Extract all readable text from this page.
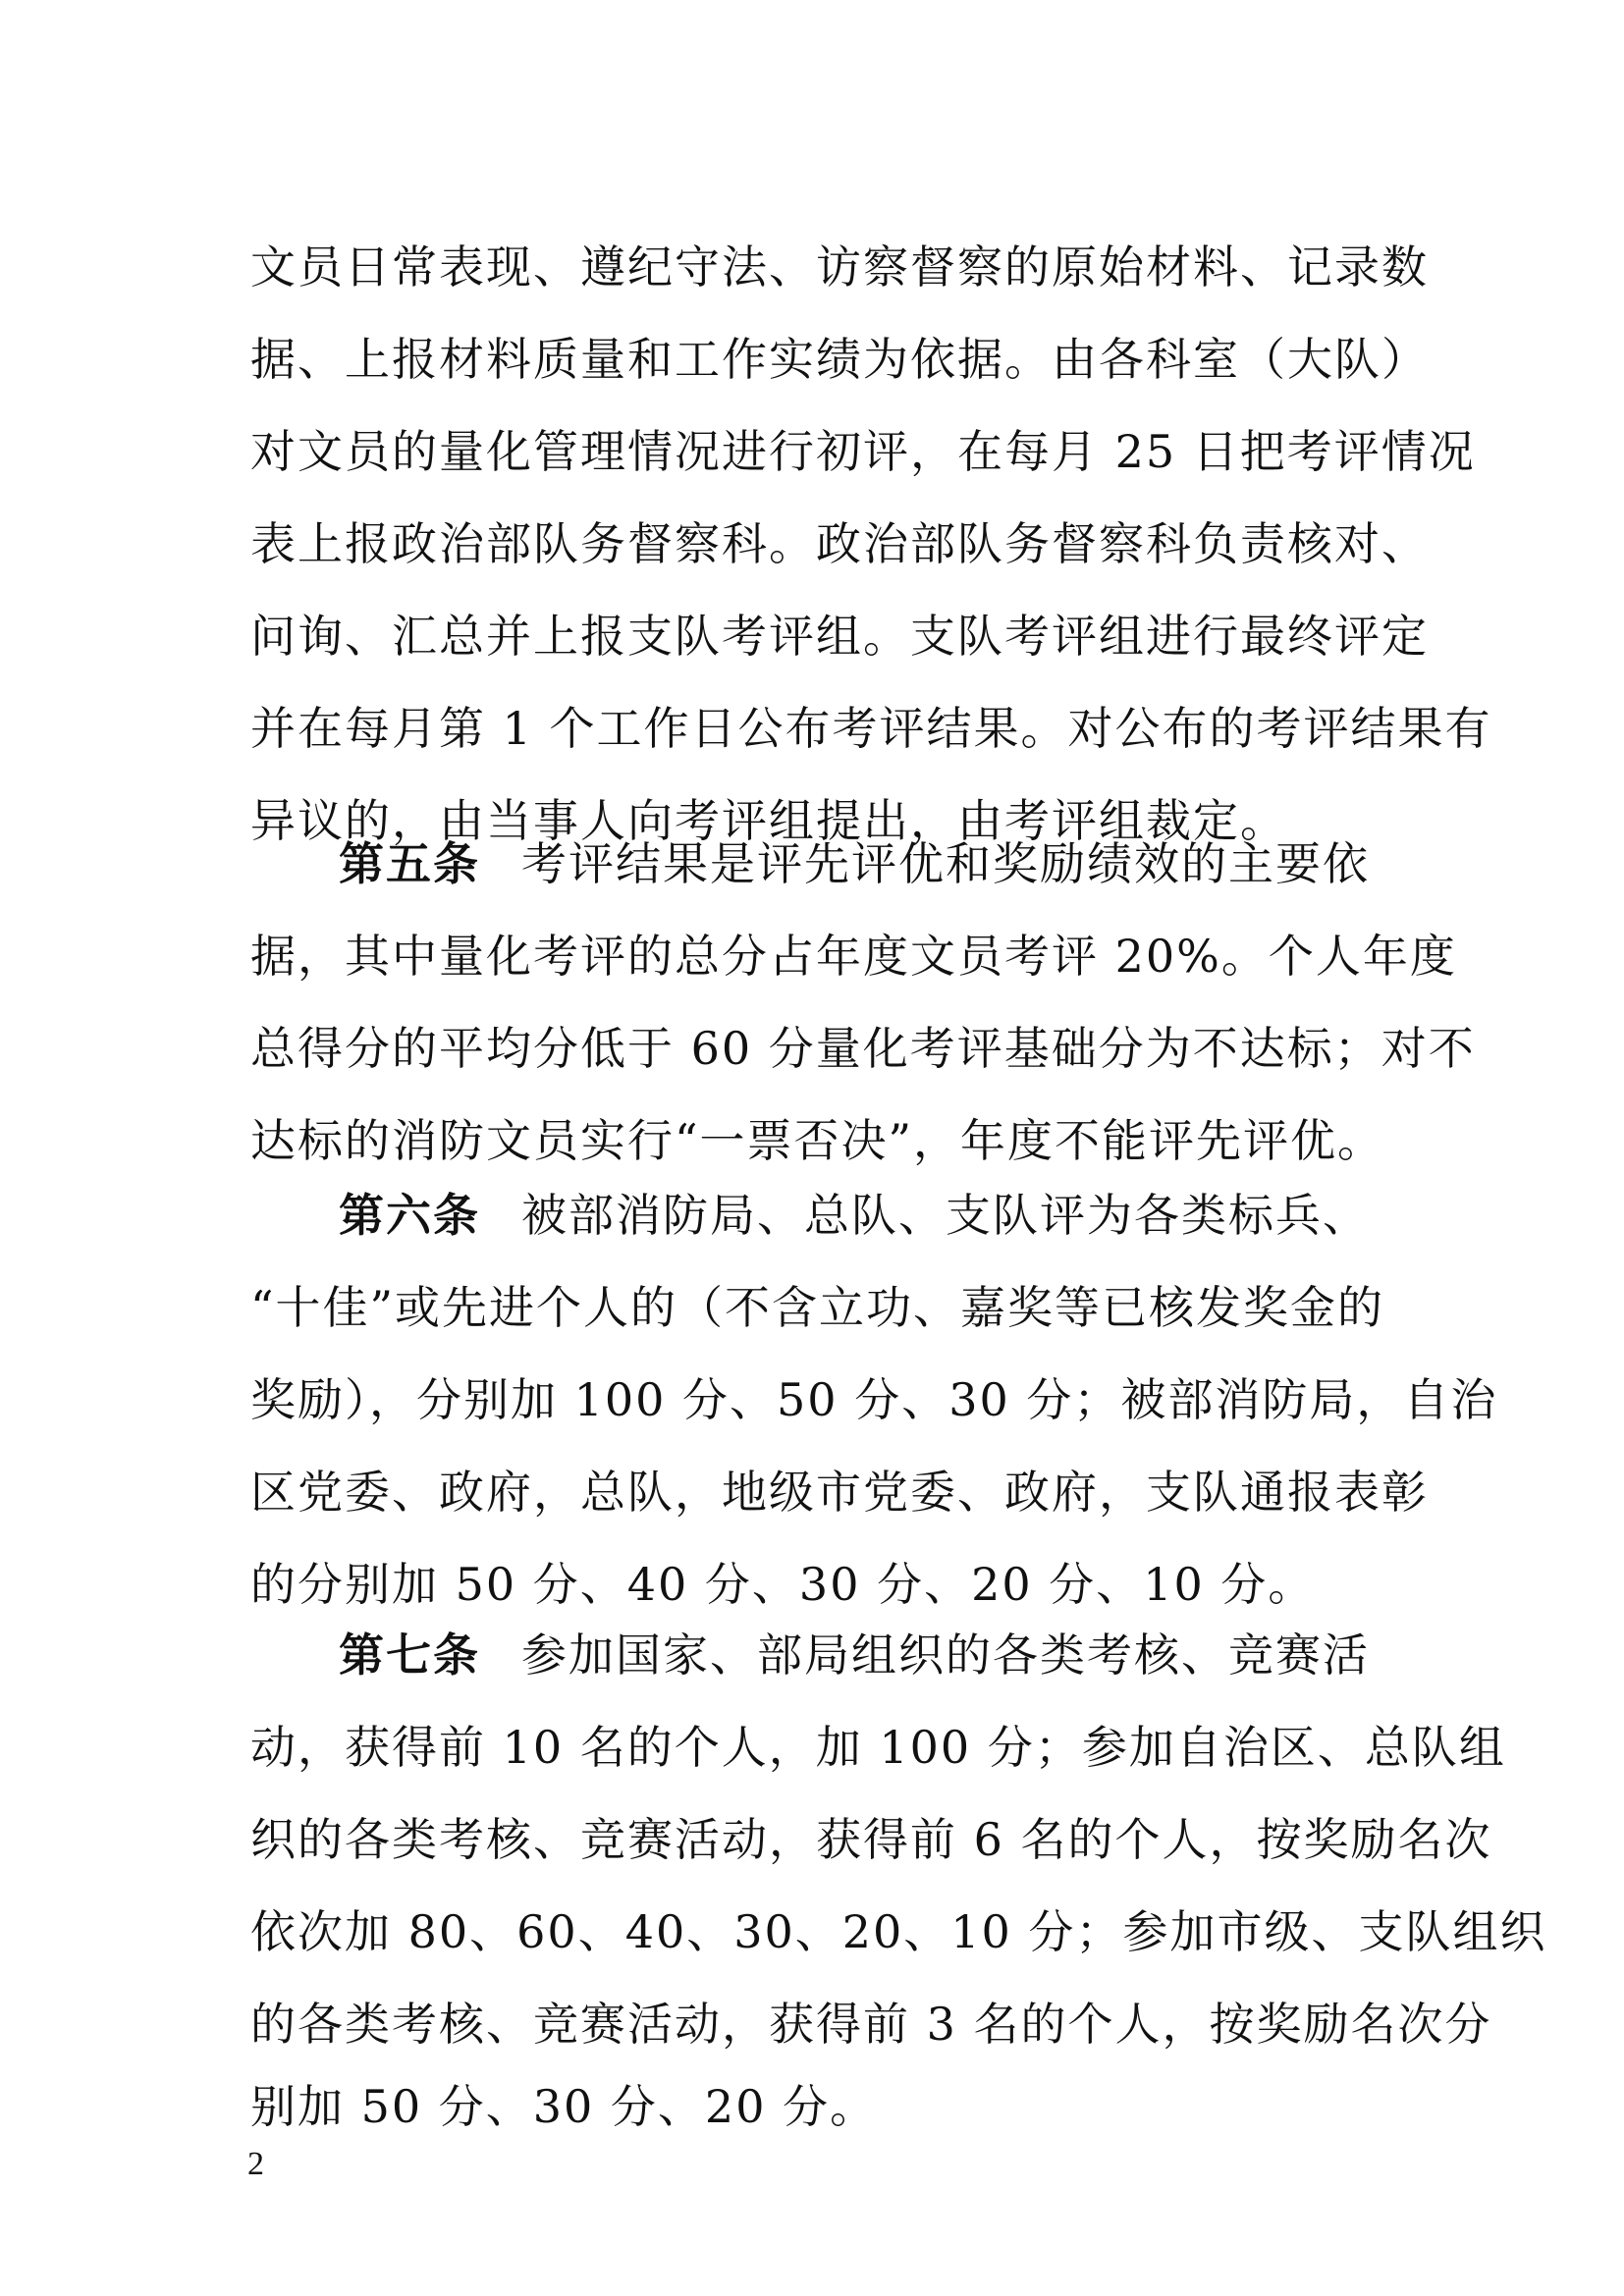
文员日常表现、遵纪守法、访察督察的原始材料、记录数
据、上报材料质量和工作实绩为依据。由各科室（大队）
对文员的量化管理情况进行初评，在每月 25 日把考评情况
表上报政治部队务督察科。政治部队务督察科负责核对、
问询、汇总并上报支队考评组。支队考评组进行最终评定
并在每月第 1 个工作日公布考评结果。对公布的考评结果有
异议的，由当事人向考评组提出，由考评组裁定。
第五条 考评结果是评先评优和奖励绩效的主要依
据，其中量化考评的总分占年度文员考评 20%。个人年度
总得分的平均分低于 60 分量化考评基础分为不达标；对不
达标的消防文员实行“一票否决”，年度不能评先评优。
第六条 被部消防局、总队、支队评为各类标兵、
“十佳”或先进个人的（不含立功、嘉奖等已核发奖金的
奖励），分别加 100 分、50 分、30 分；被部消防局，自治
区党委、政府，总队，地级市党委、政府，支队通报表彰
的分别加 50 分、40 分、30 分、20 分、10 分。
第七条 参加国家、部局组织的各类考核、竞赛活
动，获得前 10 名的个人，加 100 分；参加自治区、总队组
织的各类考核、竞赛活动，获得前 6 名的个人，按奖励名次
依次加 80、60、40、30、20、10 分；参加市级、支队组织
的各类考核、竞赛活动，获得前 3 名的个人，按奖励名次分
别加 50 分、30 分、20 分。
2
